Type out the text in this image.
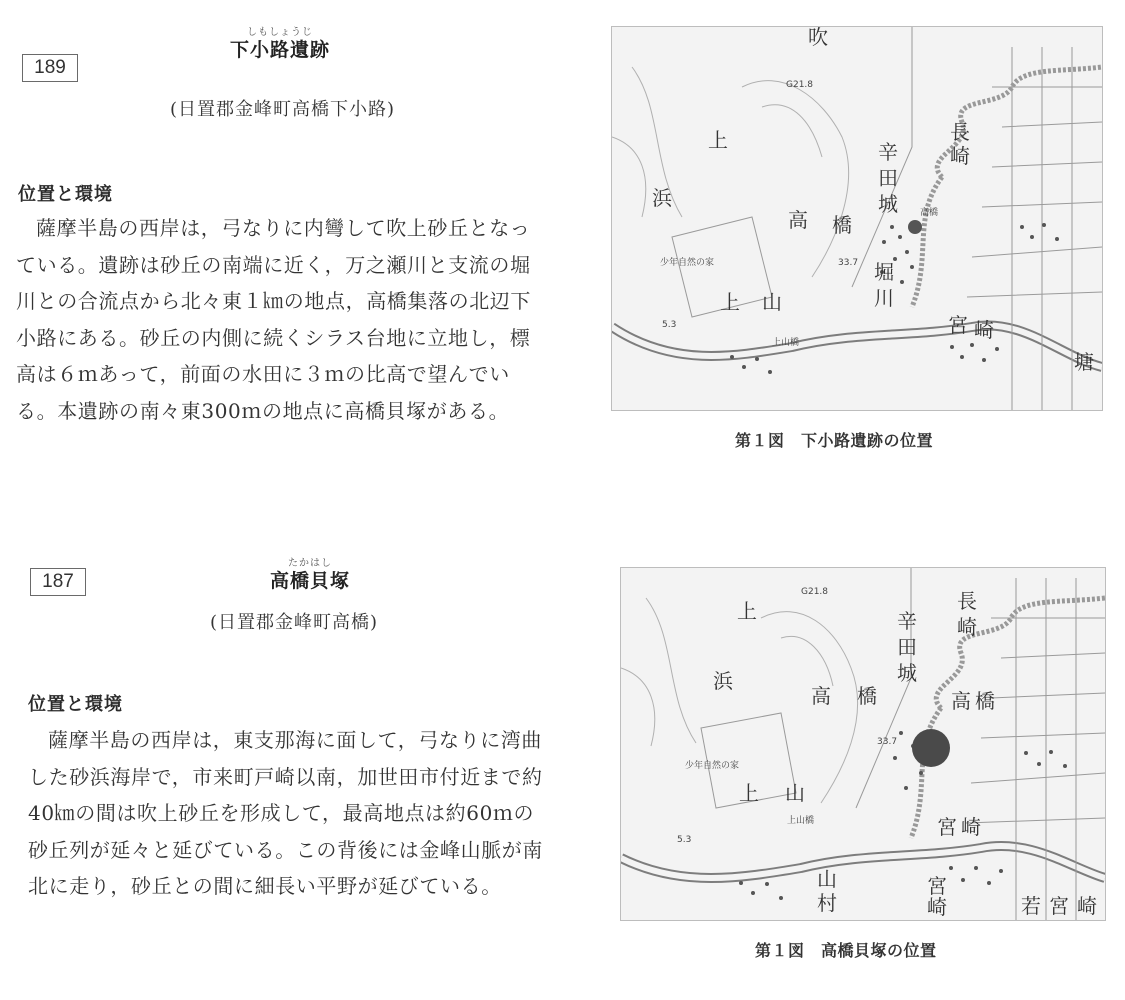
189
しもしょうじ
下小路遺跡
(日置郡金峰町高橋下小路)
位置と環境

薩摩半島の西岸は，弓なりに内彎して吹上砂丘となっている。遺跡は砂丘の南端に近く，万之瀬川と支流の堀川との合流点から北々東１㎞の地点，高橋集落の北辺下小路にある。砂丘の内側に続くシラス台地に立地し，標高は６ｍあって，前面の水田に３ｍの比高で望んでいる。本遺跡の南々東300ｍの地点に高橋貝塚がある。

吹
上
浜
高 橋
上 山
長
崎
辛
田
城
宮 崎
堀
川
塘
少年自然の家	33.7
G21.8
5.3
上山橋
高橋
第１図　下小路遺跡の位置
187
たかはし
高橋貝塚
(日置郡金峰町高橋)
位置と環境

薩摩半島の西岸は，東支那海に面して，弓なりに湾曲した砂浜海岸で，市来町戸崎以南，加世田市付近まで約40㎞の間は吹上砂丘を形成して，最高地点は約60ｍの砂丘列が延々と延びている。この背後には金峰山脈が南北に走り，砂丘との間に細長い平野が延びている。

上
浜
高 橋
上 山
長
崎
辛
田
城
高 橋
宮 崎
宮
崎	若 宮 崎
山
村
少年自然の家
33.7
G21.8
5.3
上山橋
第１図　高橋貝塚の位置
